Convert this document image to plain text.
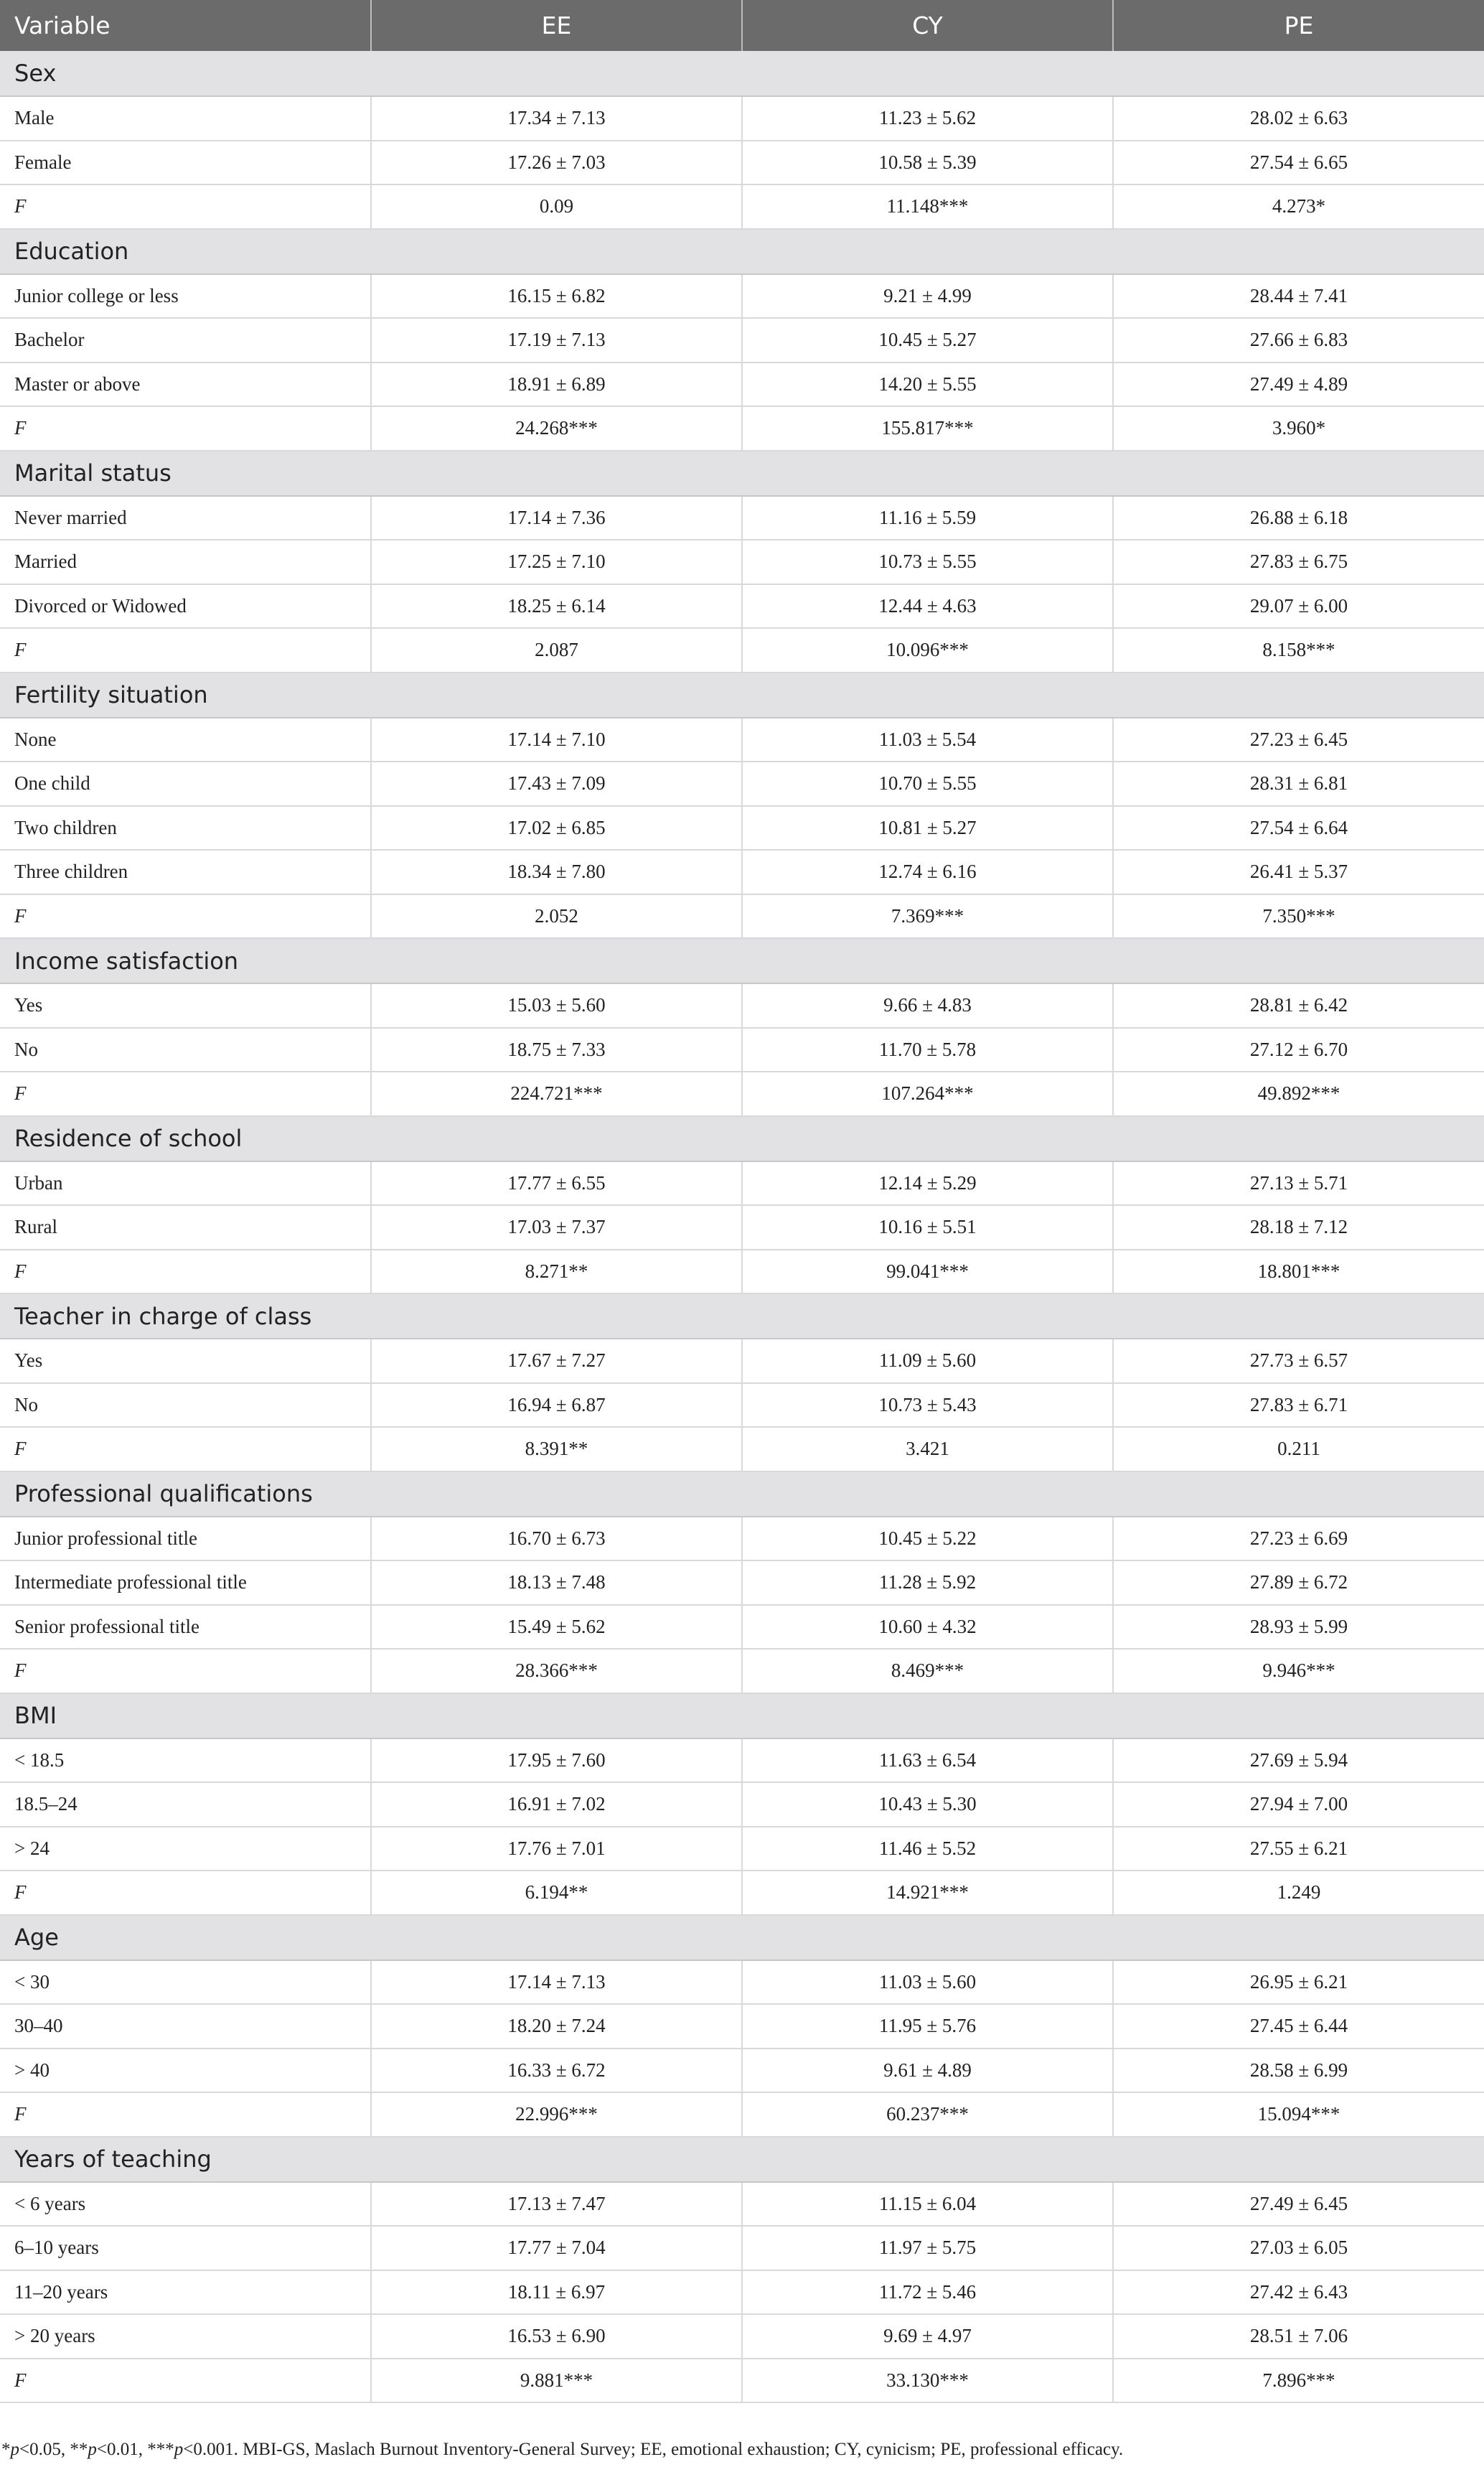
Variable	EE	CY	PE
Sex			
Male	17.34 ± 7.13	11.23 ± 5.62	28.02 ± 6.63
Female	17.26 ± 7.03	10.58 ± 5.39	27.54 ± 6.65
F	0.09	11.148***	4.273*
Education			
Junior college or less	16.15 ± 6.82	9.21 ± 4.99	28.44 ± 7.41
Bachelor	17.19 ± 7.13	10.45 ± 5.27	27.66 ± 6.83
Master or above	18.91 ± 6.89	14.20 ± 5.55	27.49 ± 4.89
F	24.268***	155.817***	3.960*
Marital status			
Never married	17.14 ± 7.36	11.16 ± 5.59	26.88 ± 6.18
Married	17.25 ± 7.10	10.73 ± 5.55	27.83 ± 6.75
Divorced or Widowed	18.25 ± 6.14	12.44 ± 4.63	29.07 ± 6.00
F	2.087	10.096***	8.158***
Fertility situation			
None	17.14 ± 7.10	11.03 ± 5.54	27.23 ± 6.45
One child	17.43 ± 7.09	10.70 ± 5.55	28.31 ± 6.81
Two children	17.02 ± 6.85	10.81 ± 5.27	27.54 ± 6.64
Three children	18.34 ± 7.80	12.74 ± 6.16	26.41 ± 5.37
F	2.052	7.369***	7.350***
Income satisfaction			
Yes	15.03 ± 5.60	9.66 ± 4.83	28.81 ± 6.42
No	18.75 ± 7.33	11.70 ± 5.78	27.12 ± 6.70
F	224.721***	107.264***	49.892***
Residence of school			
Urban	17.77 ± 6.55	12.14 ± 5.29	27.13 ± 5.71
Rural	17.03 ± 7.37	10.16 ± 5.51	28.18 ± 7.12
F	8.271**	99.041***	18.801***
Teacher in charge of class			
Yes	17.67 ± 7.27	11.09 ± 5.60	27.73 ± 6.57
No	16.94 ± 6.87	10.73 ± 5.43	27.83 ± 6.71
F	8.391**	3.421	0.211
Professional qualifications			
Junior professional title	16.70 ± 6.73	10.45 ± 5.22	27.23 ± 6.69
Intermediate professional title	18.13 ± 7.48	11.28 ± 5.92	27.89 ± 6.72
Senior professional title	15.49 ± 5.62	10.60 ± 4.32	28.93 ± 5.99
F	28.366***	8.469***	9.946***
BMI			
< 18.5	17.95 ± 7.60	11.63 ± 6.54	27.69 ± 5.94
18.5–24	16.91 ± 7.02	10.43 ± 5.30	27.94 ± 7.00
> 24	17.76 ± 7.01	11.46 ± 5.52	27.55 ± 6.21
F	6.194**	14.921***	1.249
Age			
< 30	17.14 ± 7.13	11.03 ± 5.60	26.95 ± 6.21
30–40	18.20 ± 7.24	11.95 ± 5.76	27.45 ± 6.44
> 40	16.33 ± 6.72	9.61 ± 4.89	28.58 ± 6.99
F	22.996***	60.237***	15.094***
Years of teaching			
< 6 years	17.13 ± 7.47	11.15 ± 6.04	27.49 ± 6.45
6–10 years	17.77 ± 7.04	11.97 ± 5.75	27.03 ± 6.05
11–20 years	18.11 ± 6.97	11.72 ± 5.46	27.42 ± 6.43
> 20 years	16.53 ± 6.90	9.69 ± 4.97	28.51 ± 7.06
F	9.881***	33.130***	7.896***
*p<0.05, **p<0.01, ***p<0.001. MBI-GS, Maslach Burnout Inventory-General Survey; EE, emotional exhaustion; CY, cynicism; PE, professional efficacy.
